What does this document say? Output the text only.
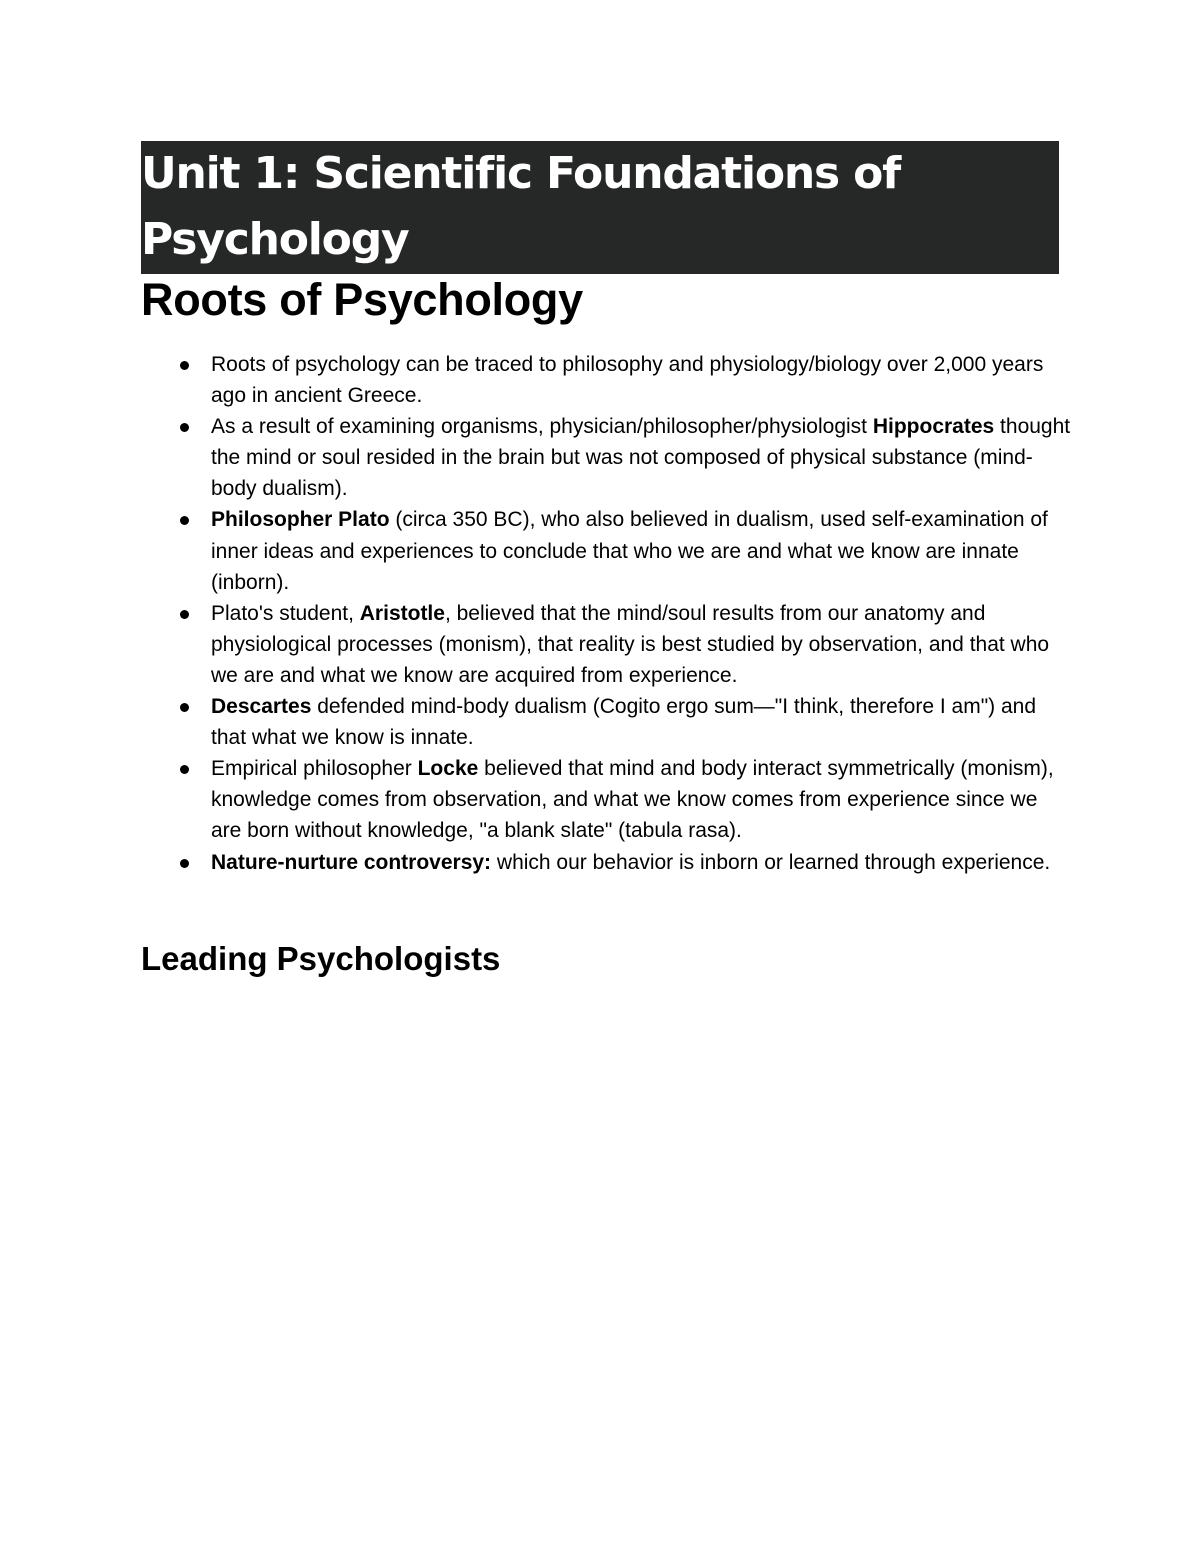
Unit 1: Scientific Foundations of Psychology
Roots of Psychology
Roots of psychology can be traced to philosophy and physiology/biology over 2,000 years ago in ancient Greece.
As a result of examining organisms, physician/philosopher/physiologist Hippocrates thought the mind or soul resided in the brain but was not composed of physical substance (mind-body dualism).
Philosopher Plato (circa 350 BC), who also believed in dualism, used self-examination of inner ideas and experiences to conclude that who we are and what we know are innate (inborn).
Plato's student, Aristotle, believed that the mind/soul results from our anatomy and physiological processes (monism), that reality is best studied by observation, and that who we are and what we know are acquired from experience.
Descartes defended mind-body dualism (Cogito ergo sum—"I think, therefore I am") and that what we know is innate.
Empirical philosopher Locke believed that mind and body interact symmetrically (monism), knowledge comes from observation, and what we know comes from experience since we are born without knowledge, "a blank slate" (tabula rasa).
Nature-nurture controversy: which our behavior is inborn or learned through experience.
Leading Psychologists
